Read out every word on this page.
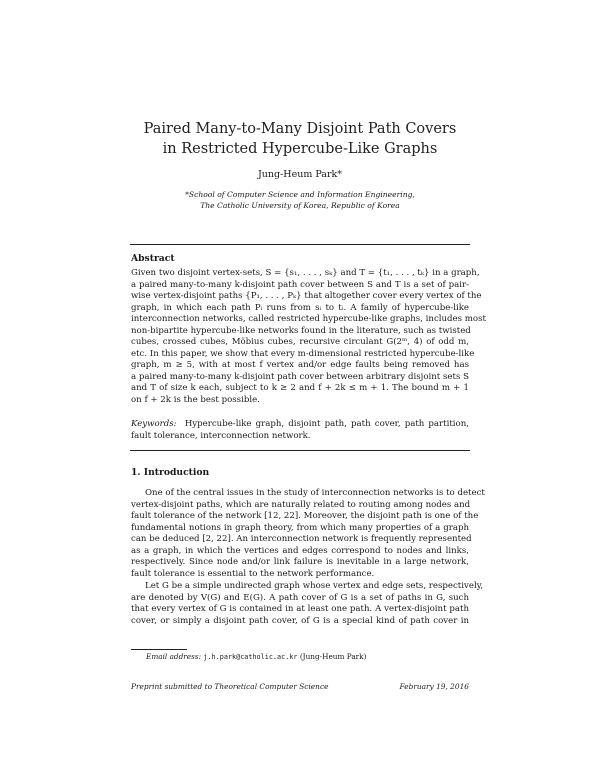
Paired Many-to-Many Disjoint Path Covers
in Restricted Hypercube-Like Graphs
Jung-Heum Park*
*School of Computer Science and Information Engineering,
The Catholic University of Korea, Republic of Korea
Abstract
Given two disjoint vertex-sets, S = {s₁, . . . , sₖ} and T = {t₁, . . . , tₖ} in a graph,
a paired many-to-many k-disjoint path cover between S and T is a set of pair-
wise vertex-disjoint paths {P₁, . . . , Pₖ} that altogether cover every vertex of the
graph, in which each path Pᵢ runs from sᵢ to tᵢ. A family of hypercube-like
interconnection networks, called restricted hypercube-like graphs, includes most
non-bipartite hypercube-like networks found in the literature, such as twisted
cubes, crossed cubes, Möbius cubes, recursive circulant G(2ᵐ, 4) of odd m,
etc. In this paper, we show that every m-dimensional restricted hypercube-like
graph, m ≥ 5, with at most f vertex and/or edge faults being removed has
a paired many-to-many k-disjoint path cover between arbitrary disjoint sets S
and T of size k each, subject to k ≥ 2 and f + 2k ≤ m + 1. The bound m + 1
on f + 2k is the best possible.
Keywords: Hypercube-like graph, disjoint path, path cover, path partition,
fault tolerance, interconnection network.
1. Introduction
One of the central issues in the study of interconnection networks is to detect
vertex-disjoint paths, which are naturally related to routing among nodes and
fault tolerance of the network [12, 22]. Moreover, the disjoint path is one of the
fundamental notions in graph theory, from which many properties of a graph
can be deduced [2, 22]. An interconnection network is frequently represented
as a graph, in which the vertices and edges correspond to nodes and links,
respectively. Since node and/or link failure is inevitable in a large network,
fault tolerance is essential to the network performance.
Let G be a simple undirected graph whose vertex and edge sets, respectively,
are denoted by V(G) and E(G). A path cover of G is a set of paths in G, such
that every vertex of G is contained in at least one path. A vertex-disjoint path
cover, or simply a disjoint path cover, of G is a special kind of path cover in
Email address: j.h.park@catholic.ac.kr (Jung-Heum Park)
Preprint submitted to Theoretical Computer Science	February 19, 2016
